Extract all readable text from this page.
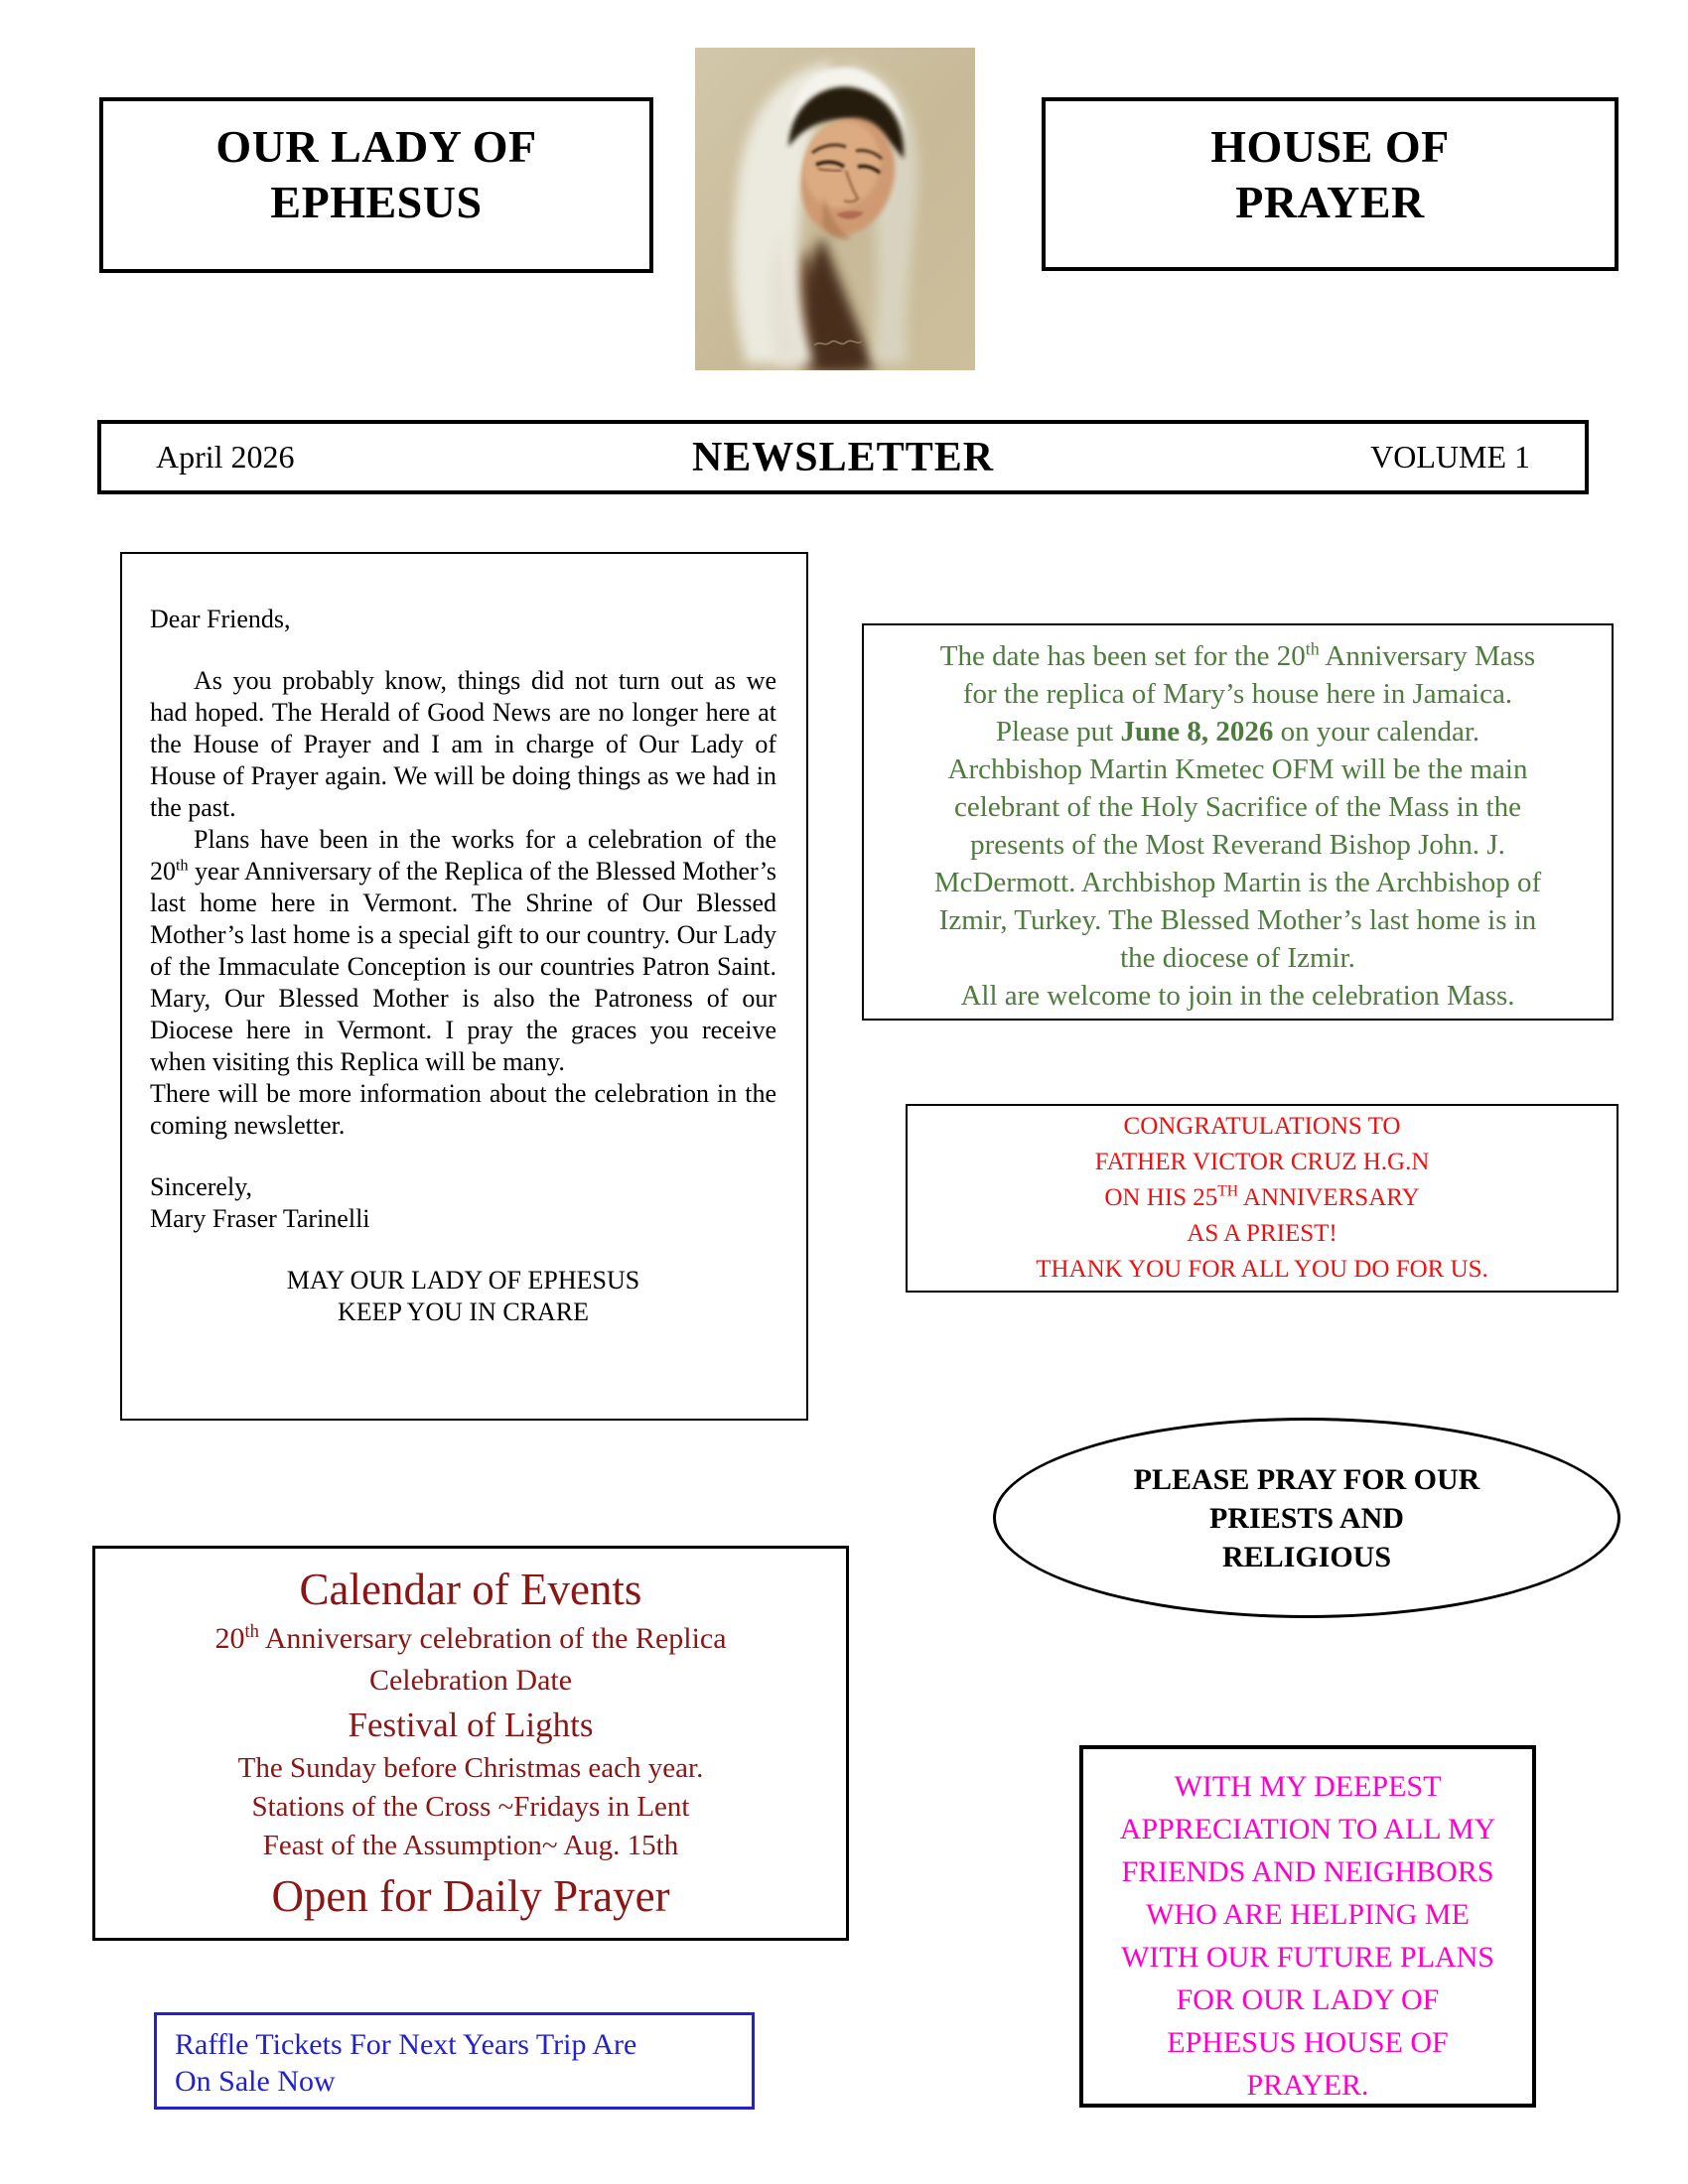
OUR LADY OF EPHESUS
HOUSE OF PRAYER
April 2026	NEWSLETTER	VOLUME 1

Dear Friends,

As you probably know, things did not turn out as we had hoped. The Herald of Good News are no longer here at the House of Prayer and I am in charge of Our Lady of House of Prayer again. We will be doing things as we had in the past.

Plans have been in the works for a celebration of the 20th year Anniversary of the Replica of the Blessed Mother’s last home here in Vermont. The Shrine of Our Blessed Mother’s last home is a special gift to our country. Our Lady of the Immaculate Conception is our countries Patron Saint. Mary, Our Blessed Mother is also the Patroness of our Diocese here in Vermont. I pray the graces you receive when visiting this Replica will be many.

There will be more information about the celebration in the coming newsletter.

Sincerely,

Mary Fraser Tarinelli

MAY OUR LADY OF EPHESUS
KEEP YOU IN CRARE
The date has been set for the 20th Anniversary Mass
for the replica of Mary’s house here in Jamaica.
Please put June 8, 2026 on your calendar.
Archbishop Martin Kmetec OFM will be the main
celebrant of the Holy Sacrifice of the Mass in the
presents of the Most Reverand Bishop John. J.
McDermott. Archbishop Martin is the Archbishop of
Izmir, Turkey. The Blessed Mother’s last home is in
the diocese of Izmir.
All are welcome to join in the celebration Mass.
CONGRATULATIONS TO
FATHER VICTOR CRUZ H.G.N
ON HIS 25TH ANNIVERSARY
AS A PRIEST!
THANK YOU FOR ALL YOU DO FOR US.
PLEASE PRAY FOR OUR
PRIESTS AND
RELIGIOUS
Calendar of Events
20th Anniversary celebration of the Replica
Celebration Date
Festival of Lights
The Sunday before Christmas each year.
Stations of the Cross ~Fridays in Lent
Feast of the Assumption~ Aug. 15th
Open for Daily Prayer
WITH MY DEEPEST
APPRECIATION TO ALL MY
FRIENDS AND NEIGHBORS
WHO ARE HELPING ME
WITH OUR FUTURE PLANS
FOR OUR LADY OF
EPHESUS HOUSE OF
PRAYER.
Raffle Tickets For Next Years Trip Are
On Sale Now
